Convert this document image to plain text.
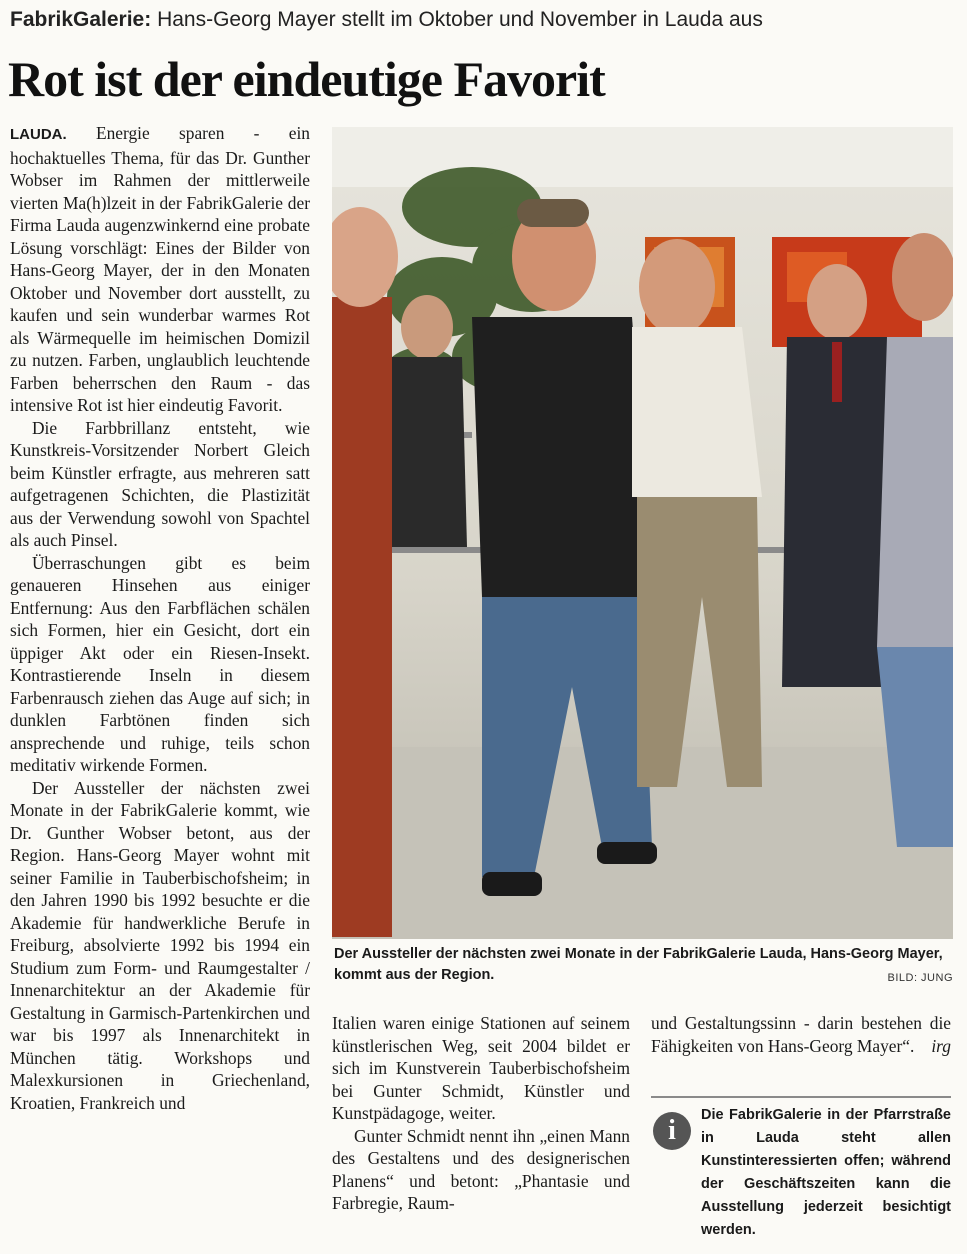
FabrikGalerie: Hans-Georg Mayer stellt im Oktober und November in Lauda aus
Rot ist der eindeutige Favorit

LAUDA. Energie sparen - ein hochaktuelles Thema, für das Dr. Gunther Wobser im Rahmen der mittlerweile vierten Ma(h)lzeit in der FabrikGalerie der Firma Lauda augenzwinkernd eine probate Lösung vorschlägt: Eines der Bilder von Hans-Georg Mayer, der in den Monaten Oktober und November dort ausstellt, zu kaufen und sein wunderbar warmes Rot als Wärmequelle im heimischen Domizil zu nutzen. Farben, unglaublich leuchtende Farben beherrschen den Raum - das intensive Rot ist hier eindeutig Favorit.

Die Farbbrillanz entsteht, wie Kunstkreis-Vorsitzender Norbert Gleich beim Künstler erfragte, aus mehreren satt aufgetragenen Schichten, die Plastizität aus der Verwendung sowohl von Spachtel als auch Pinsel.

Überraschungen gibt es beim genaueren Hinsehen aus einiger Entfernung: Aus den Farbflächen schälen sich Formen, hier ein Gesicht, dort ein üppiger Akt oder ein Riesen-Insekt. Kontrastierende Inseln in diesem Farbenrausch ziehen das Auge auf sich; in dunklen Farbtönen finden sich ansprechende und ruhige, teils schon meditativ wirkende Formen.

Der Aussteller der nächsten zwei Monate in der FabrikGalerie kommt, wie Dr. Gunther Wobser betont, aus der Region. Hans-Georg Mayer wohnt mit seiner Familie in Tauberbischofsheim; in den Jahren 1990 bis 1992 besuchte er die Akademie für handwerkliche Berufe in Freiburg, absolvierte 1992 bis 1994 ein Studium zum Form- und Raumgestalter / Innenarchitektur an der Akademie für Gestaltung in Garmisch-Partenkirchen und war bis 1997 als Innenarchitekt in München tätig. Workshops und Malexkursionen in Griechenland, Kroatien, Frankreich und

Der Aussteller der nächsten zwei Monate in der FabrikGalerie Lauda, Hans-Georg Mayer, kommt aus der Region.	BILD: JUNG

Italien waren einige Stationen auf seinem künstlerischen Weg, seit 2004 bildet er sich im Kunstverein Tauberbischofsheim bei Gunter Schmidt, Künstler und Kunstpädagoge, weiter.

Gunter Schmidt nennt ihn „einen Mann des Gestaltens und des designerischen Planens“ und betont: „Phantasie und Farbregie, Raum-

und Gestaltungssinn - darin bestehen die Fähigkeiten von Hans-Georg Mayer“. irg

i	Die FabrikGalerie in der Pfarrstraße in Lauda steht allen Kunstinteressierten offen; während der Geschäftszeiten kann die Ausstellung jederzeit besichtigt werden.
